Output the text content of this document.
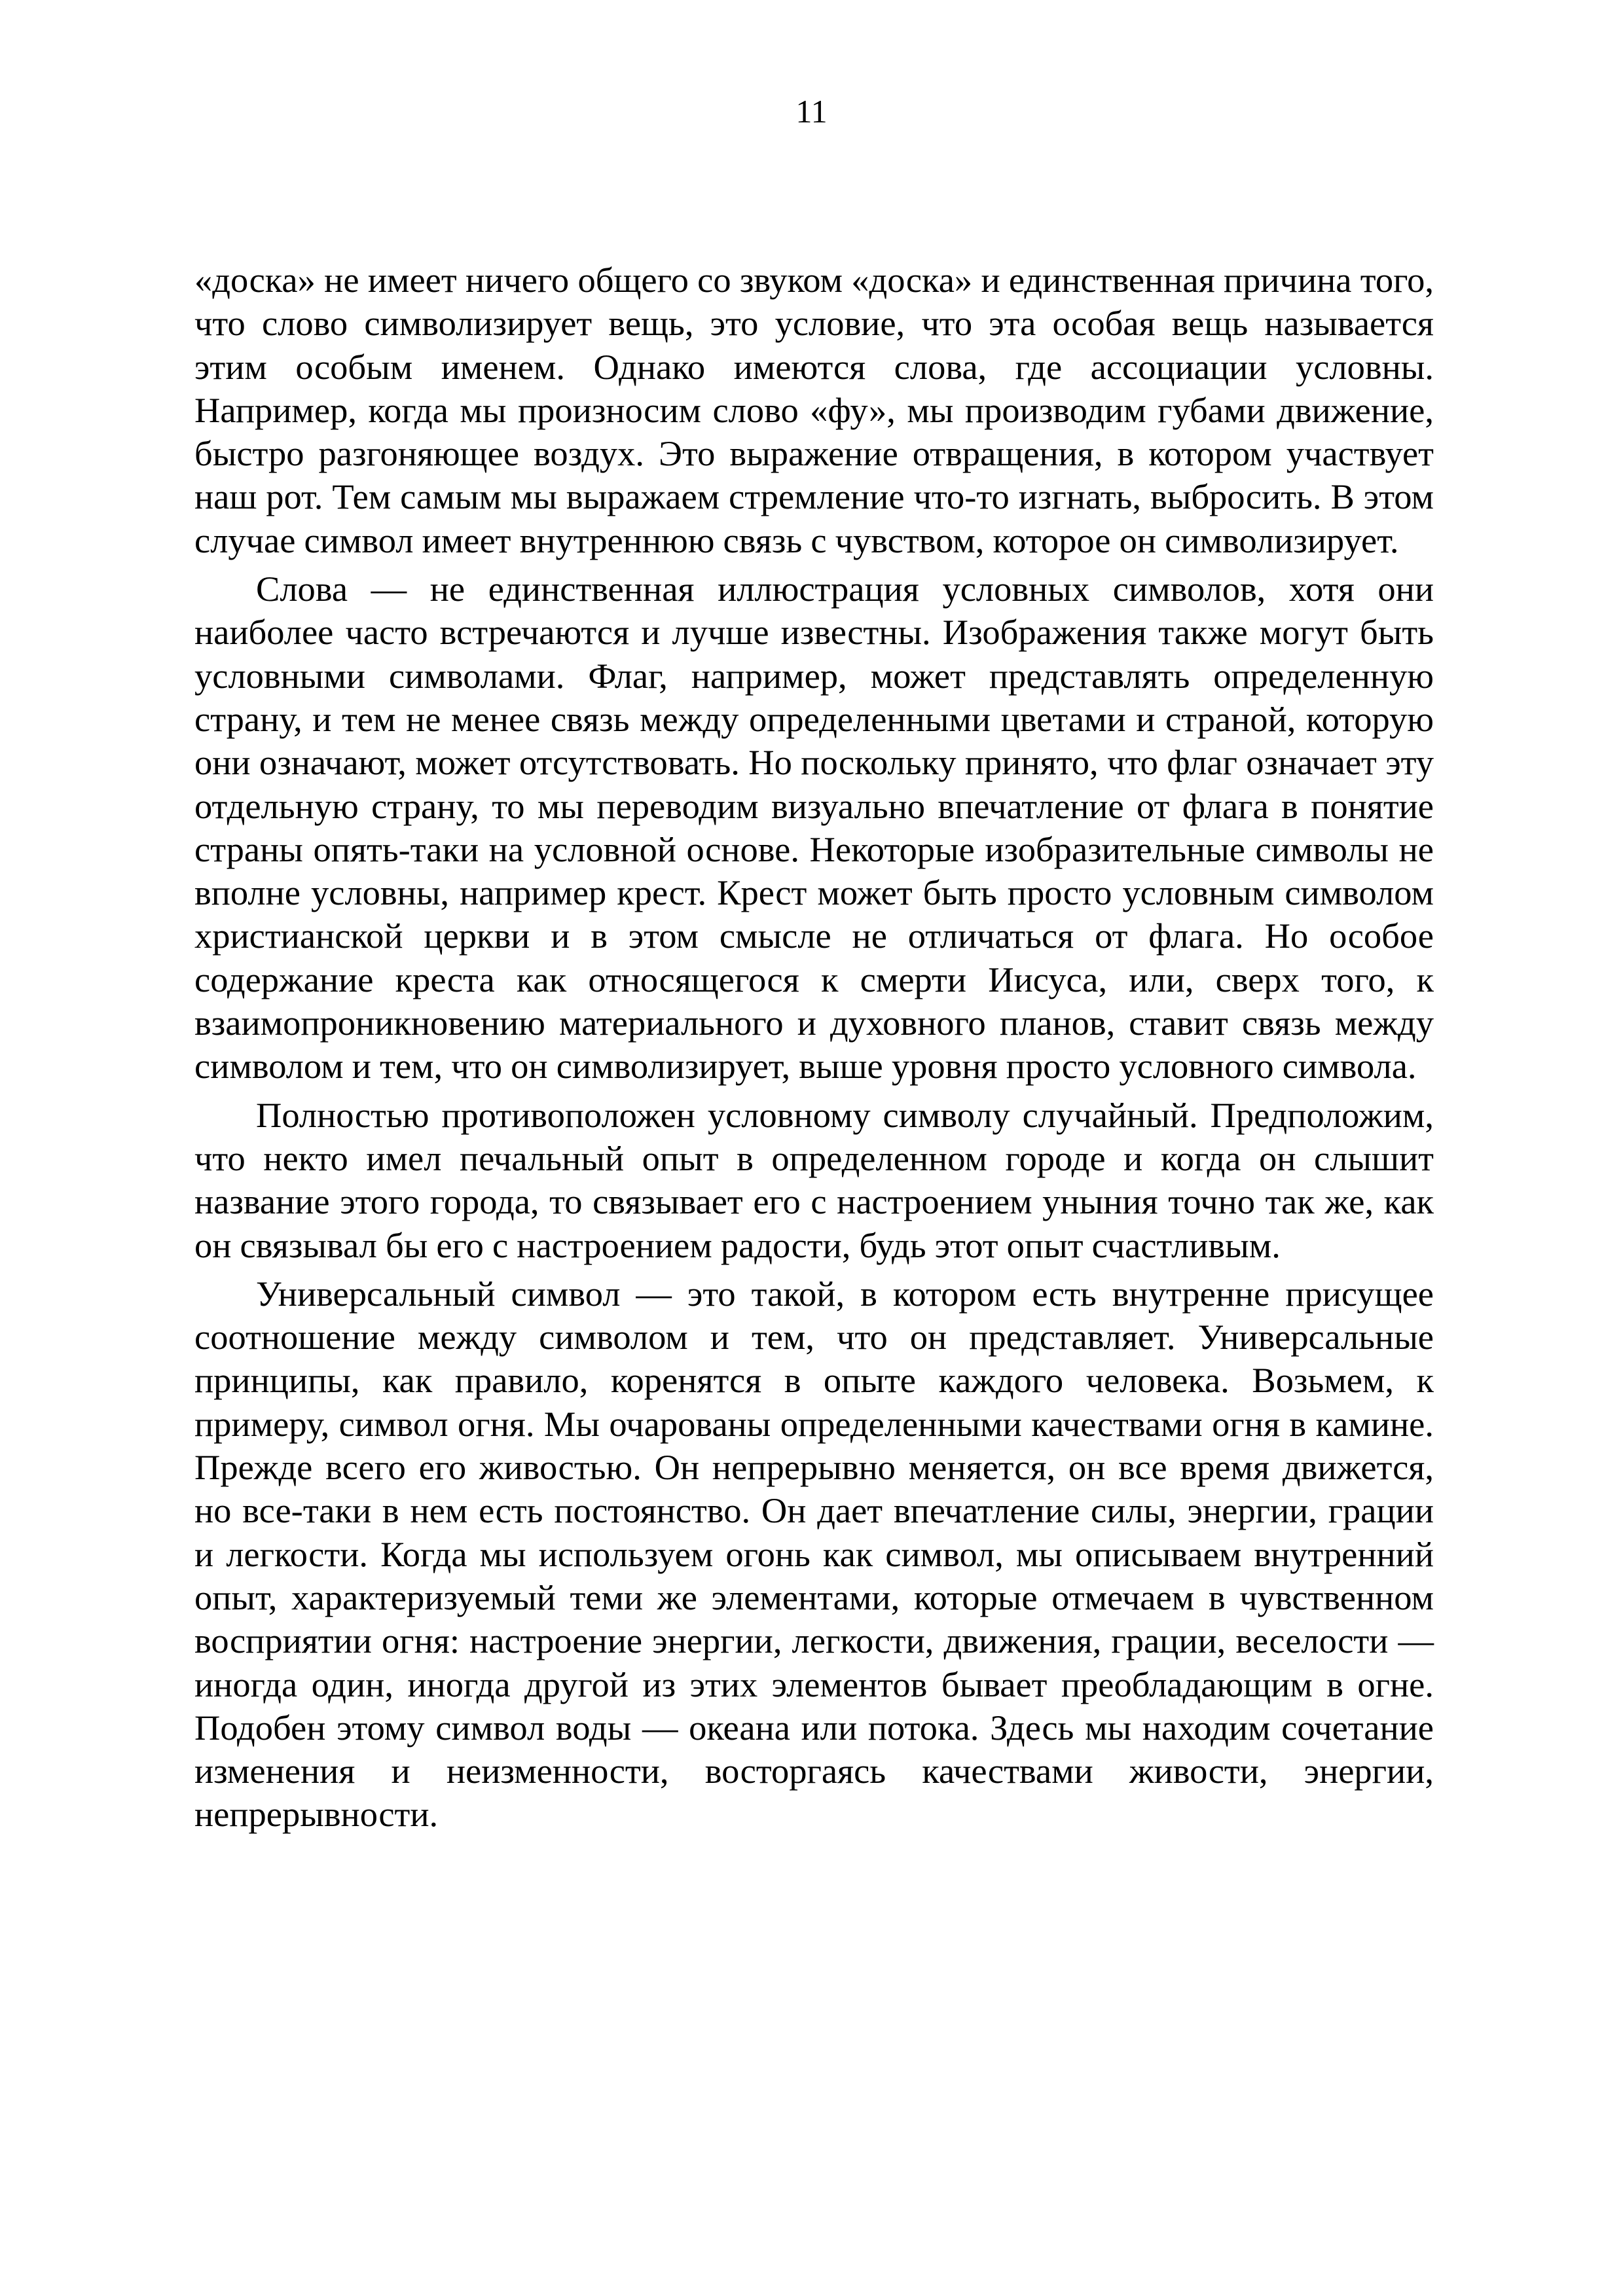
11

«доска» не имеет ничего общего со звуком «доска» и единственная причина того, что слово символизирует вещь, это условие, что эта особая вещь называется этим особым именем. Однако имеются слова, где ассоциации условны. Например, когда мы произносим слово «фу», мы производим губами движение, быстро разгоняющее воздух. Это выражение отвращения, в котором участвует наш рот. Тем самым мы выражаем стремление что-то изгнать, выбросить. В этом случае символ имеет внутреннюю связь с чувством, которое он символизирует.

Слова — не единственная иллюстрация условных символов, хотя они наиболее часто встречаются и лучше известны. Изображения также могут быть условными символами. Флаг, например, может представлять определенную страну, и тем не менее связь между определенными цветами и страной, которую они означают, может отсутствовать. Но поскольку принято, что флаг означает эту отдельную страну, то мы переводим визуально впечатление от флага в понятие страны опять-таки на условной основе. Некоторые изобразительные символы не вполне условны, например крест. Крест может быть просто условным символом христианской церкви и в этом смысле не отличаться от флага. Но особое содержание креста как относящегося к смерти Иисуса, или, сверх того, к взаимопроникновению материального и духовного планов, ставит связь между символом и тем, что он символизирует, выше уровня просто условного символа.

Полностью противоположен условному символу случайный. Предположим, что некто имел печальный опыт в определенном городе и когда он слышит название этого города, то связывает его с настроением уныния точно так же, как он связывал бы его с настроением радости, будь этот опыт счастливым.

Универсальный символ — это такой, в котором есть внутренне присущее соотношение между символом и тем, что он представляет. Универсальные принципы, как правило, коренятся в опыте каждого человека. Возьмем, к примеру, символ огня. Мы очарованы определенными качествами огня в камине. Прежде всего его живостью. Он непрерывно меняется, он все время движется, но все-таки в нем есть постоянство. Он дает впечатление силы, энергии, грации и легкости. Когда мы используем огонь как символ, мы описываем внутренний опыт, характеризуемый теми же элементами, которые отмечаем в чувственном восприятии огня: настроение энергии, легкости, движения, грации, веселости — иногда один, иногда другой из этих элементов бывает преобладающим в огне. Подобен этому символ воды — океана или потока. Здесь мы находим сочетание изменения и неизменности, восторгаясь качествами живости, энергии, непрерывности.
